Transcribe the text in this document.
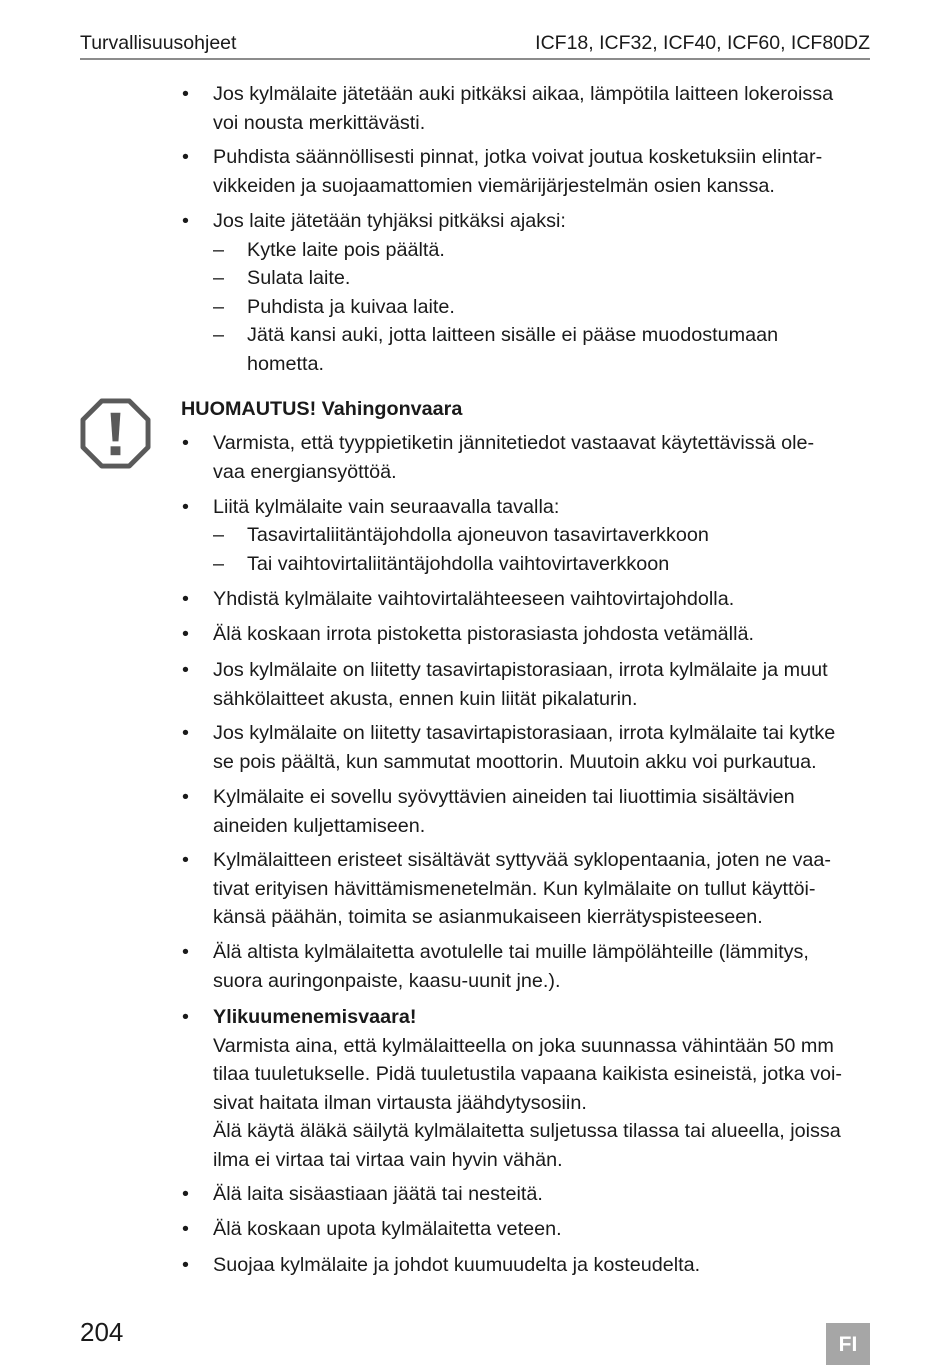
Turvallisuusohjeet	ICF18, ICF32, ICF40, ICF60, ICF80DZ
• Jos kylmälaite jätetään auki pitkäksi aikaa, lämpötila laitteen lokeroissa
voi nousta merkittävästi.
• Puhdista säännöllisesti pinnat, jotka voivat joutua kosketuksiin elintar-
vikkeiden ja suojaamattomien viemärijärjestelmän osien kanssa.
• Jos laite jätetään tyhjäksi pitkäksi ajaksi:
– Kytke laite pois päältä.
– Sulata laite.
– Puhdista ja kuivaa laite.
– Jätä kansi auki, jotta laitteen sisälle ei pääse muodostumaan
hometta.
HUOMAUTUS! Vahingonvaara
• Varmista, että tyyppietiketin jännitetiedot vastaavat käytettävissä ole-
vaa energiansyöttöä.
• Liitä kylmälaite vain seuraavalla tavalla:
– Tasavirtaliitäntäjohdolla ajoneuvon tasavirtaverkkoon
– Tai vaihtovirtaliitäntäjohdolla vaihtovirtaverkkoon
• Yhdistä kylmälaite vaihtovirtalähteeseen vaihtovirtajohdolla.
• Älä koskaan irrota pistoketta pistorasiasta johdosta vetämällä.
• Jos kylmälaite on liitetty tasavirtapistorasiaan, irrota kylmälaite ja muut
sähkölaitteet akusta, ennen kuin liität pikalaturin.
• Jos kylmälaite on liitetty tasavirtapistorasiaan, irrota kylmälaite tai kytke
se pois päältä, kun sammutat moottorin. Muutoin akku voi purkautua.
• Kylmälaite ei sovellu syövyttävien aineiden tai liuottimia sisältävien
aineiden kuljettamiseen.
• Kylmälaitteen eristeet sisältävät syttyvää syklopentaania, joten ne vaa-
tivat erityisen hävittämismenetelmän. Kun kylmälaite on tullut käyttöi-
känsä päähän, toimita se asianmukaiseen kierrätyspisteeseen.
• Älä altista kylmälaitetta avotulelle tai muille lämpölähteille (lämmitys,
suora auringonpaiste, kaasu-uunit jne.).
• Ylikuumenemisvaara!
Varmista aina, että kylmälaitteella on joka suunnassa vähintään 50 mm
tilaa tuuletukselle. Pidä tuuletustila vapaana kaikista esineistä, jotka voi-
sivat haitata ilman virtausta jäähdytysosiin.
Älä käytä äläkä säilytä kylmälaitetta suljetussa tilassa tai alueella, joissa
ilma ei virtaa tai virtaa vain hyvin vähän.
• Älä laita sisäastiaan jäätä tai nesteitä.
• Älä koskaan upota kylmälaitetta veteen.
• Suojaa kylmälaite ja johdot kuumuudelta ja kosteudelta.
204	FI
